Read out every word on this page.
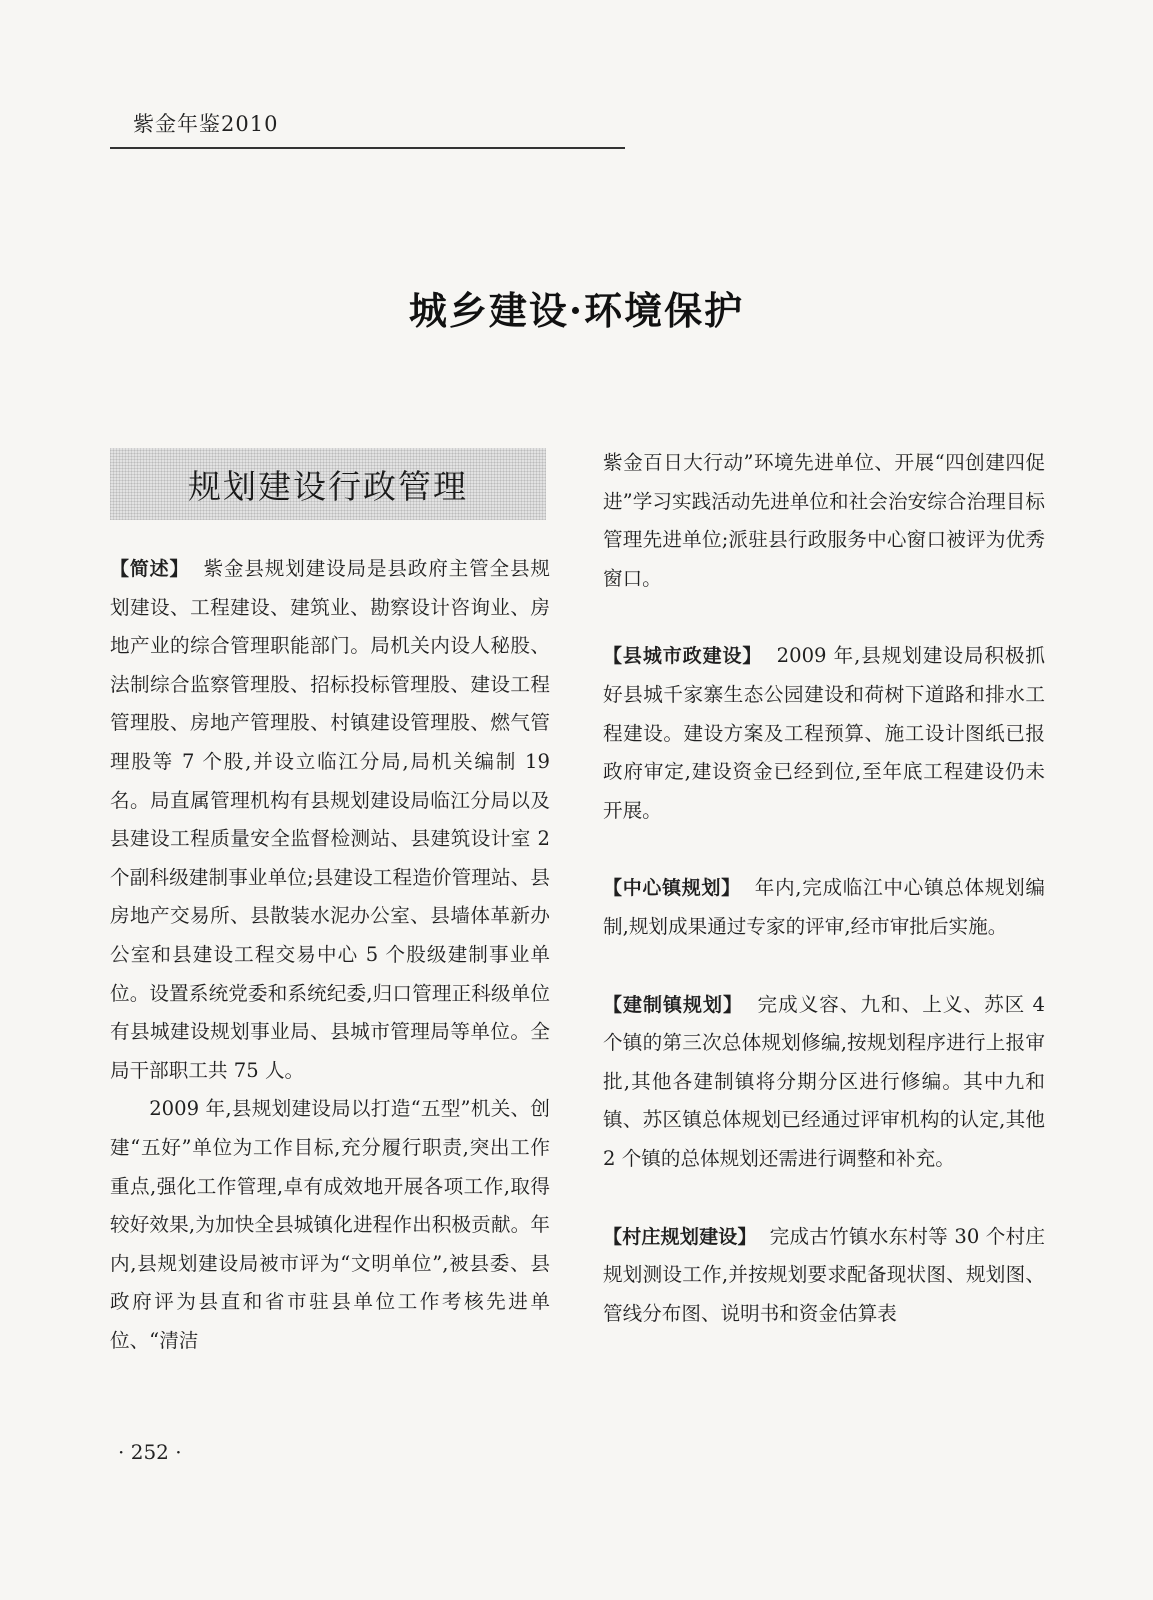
紫金年鉴2010
城乡建设·环境保护
规划建设行政管理

【简述】 紫金县规划建设局是县政府主管全县规划建设、工程建设、建筑业、勘察设计咨询业、房地产业的综合管理职能部门。局机关内设人秘股、法制综合监察管理股、招标投标管理股、建设工程管理股、房地产管理股、村镇建设管理股、燃气管理股等 7 个股,并设立临江分局,局机关编制 19 名。局直属管理机构有县规划建设局临江分局以及县建设工程质量安全监督检测站、县建筑设计室 2 个副科级建制事业单位;县建设工程造价管理站、县房地产交易所、县散装水泥办公室、县墙体革新办公室和县建设工程交易中心 5 个股级建制事业单位。设置系统党委和系统纪委,归口管理正科级单位有县城建设规划事业局、县城市管理局等单位。全局干部职工共 75 人。

2009 年,县规划建设局以打造“五型”机关、创建“五好”单位为工作目标,充分履行职责,突出工作重点,强化工作管理,卓有成效地开展各项工作,取得较好效果,为加快全县城镇化进程作出积极贡献。年内,县规划建设局被市评为“文明单位”,被县委、县政府评为县直和省市驻县单位工作考核先进单位、“清洁

紫金百日大行动”环境先进单位、开展“四创建四促进”学习实践活动先进单位和社会治安综合治理目标管理先进单位;派驻县行政服务中心窗口被评为优秀窗口。

【县城市政建设】 2009 年,县规划建设局积极抓好县城千家寨生态公园建设和荷树下道路和排水工程建设。建设方案及工程预算、施工设计图纸已报政府审定,建设资金已经到位,至年底工程建设仍未开展。

【中心镇规划】 年内,完成临江中心镇总体规划编制,规划成果通过专家的评审,经市审批后实施。

【建制镇规划】 完成义容、九和、上义、苏区 4 个镇的第三次总体规划修编,按规划程序进行上报审批,其他各建制镇将分期分区进行修编。其中九和镇、苏区镇总体规划已经通过评审机构的认定,其他 2 个镇的总体规划还需进行调整和补充。

【村庄规划建设】 完成古竹镇水东村等 30 个村庄规划测设工作,并按规划要求配备现状图、规划图、管线分布图、说明书和资金估算表

· 252 ·
